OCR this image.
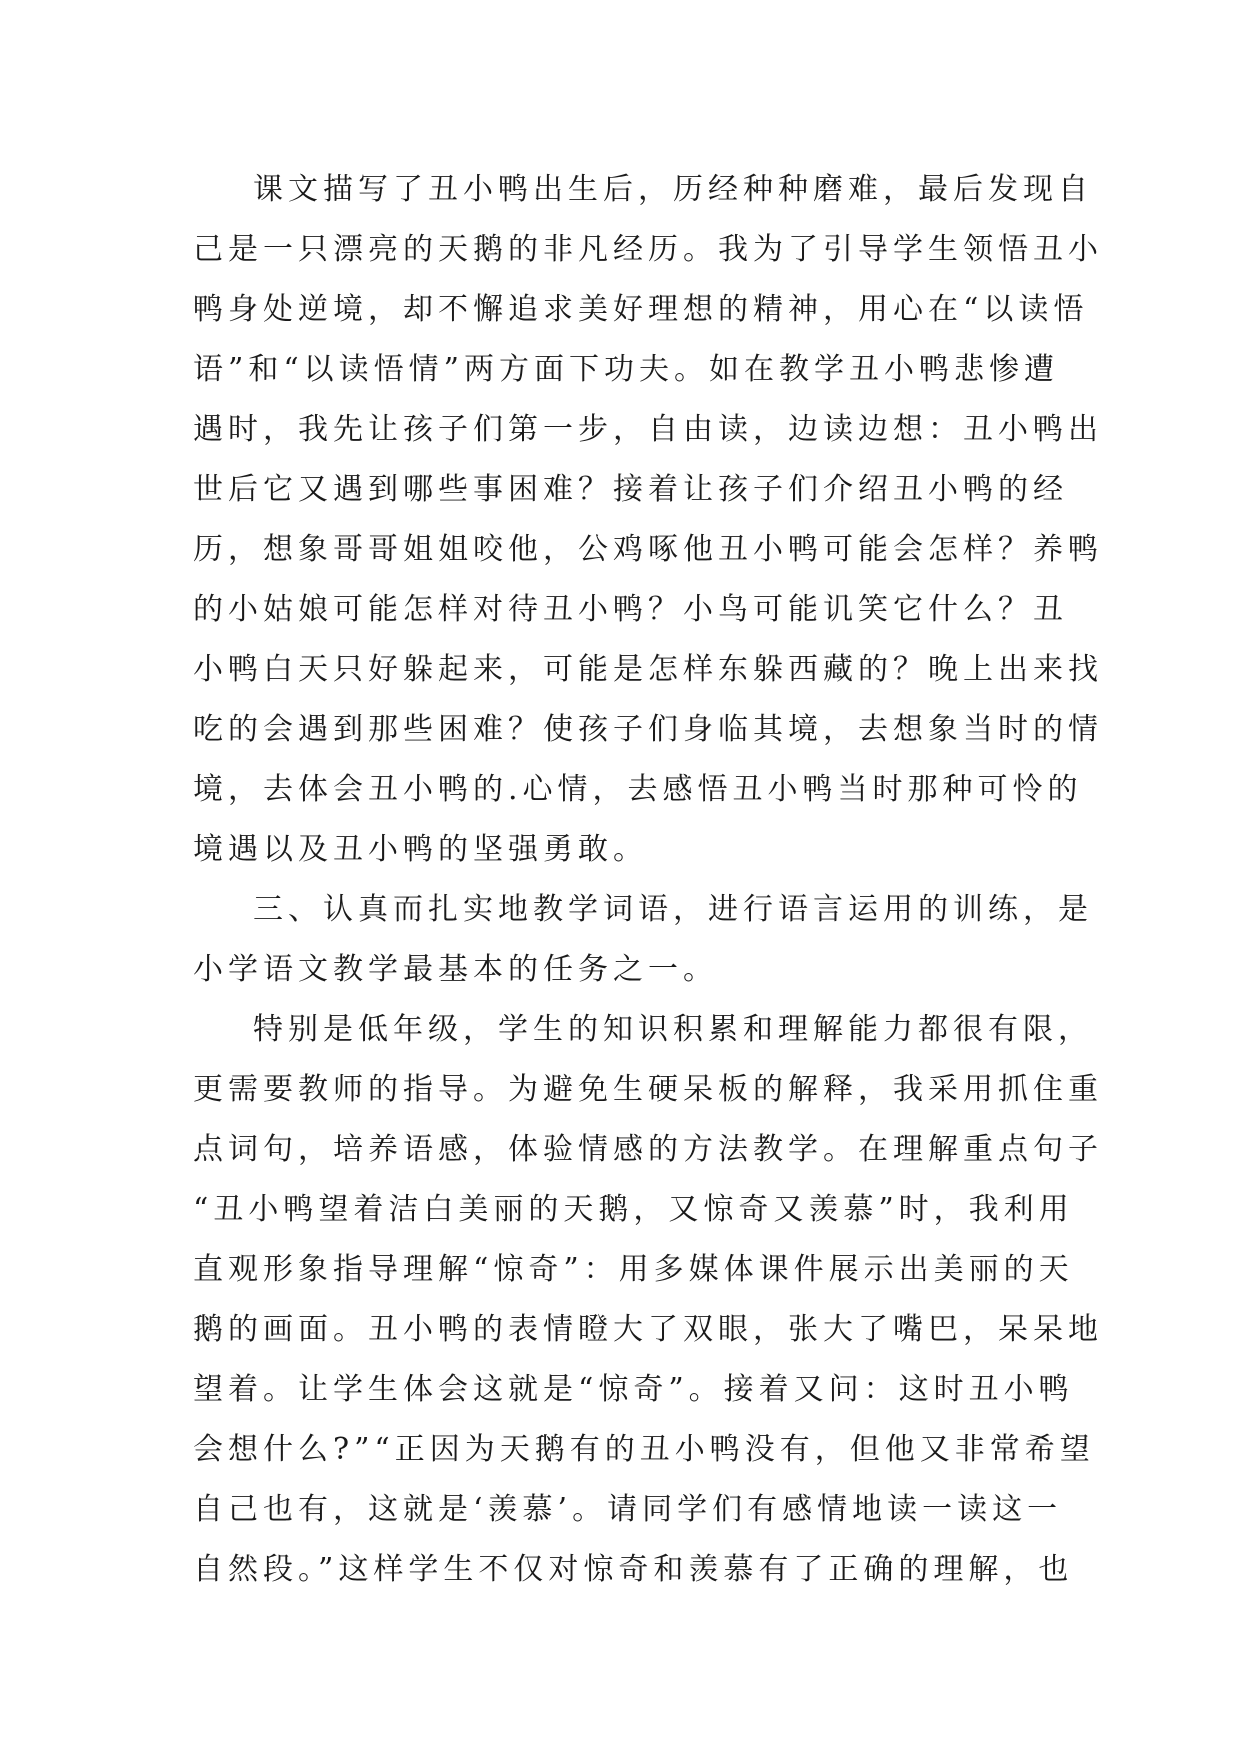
课文描写了丑小鸭出生后，历经种种磨难，最后发现自
己是一只漂亮的天鹅的非凡经历。我为了引导学生领悟丑小
鸭身处逆境，却不懈追求美好理想的精神，用心在“以读悟
语”和“以读悟情”两方面下功夫。如在教学丑小鸭悲惨遭
遇时，我先让孩子们第一步，自由读，边读边想：丑小鸭出
世后它又遇到哪些事困难？接着让孩子们介绍丑小鸭的经
历，想象哥哥姐姐咬他，公鸡啄他丑小鸭可能会怎样？养鸭
的小姑娘可能怎样对待丑小鸭？小鸟可能讥笑它什么？丑
小鸭白天只好躲起来，可能是怎样东躲西藏的？晚上出来找
吃的会遇到那些困难？使孩子们身临其境，去想象当时的情
境，去体会丑小鸭的.心情，去感悟丑小鸭当时那种可怜的
境遇以及丑小鸭的坚强勇敢。
三、认真而扎实地教学词语，进行语言运用的训练，是
小学语文教学最基本的任务之一。
特别是低年级，学生的知识积累和理解能力都很有限，
更需要教师的指导。为避免生硬呆板的解释，我采用抓住重
点词句，培养语感，体验情感的方法教学。在理解重点句子
“丑小鸭望着洁白美丽的天鹅，又惊奇又羡慕”时，我利用
直观形象指导理解“惊奇”：用多媒体课件展示出美丽的天
鹅的画面。丑小鸭的表情瞪大了双眼，张大了嘴巴，呆呆地
望着。让学生体会这就是“惊奇”。接着又问：这时丑小鸭
会想什么?”“正因为天鹅有的丑小鸭没有，但他又非常希望
自己也有，这就是‘羡慕’。请同学们有感情地读一读这一
自然段。”这样学生不仅对惊奇和羡慕有了正确的理解，也
